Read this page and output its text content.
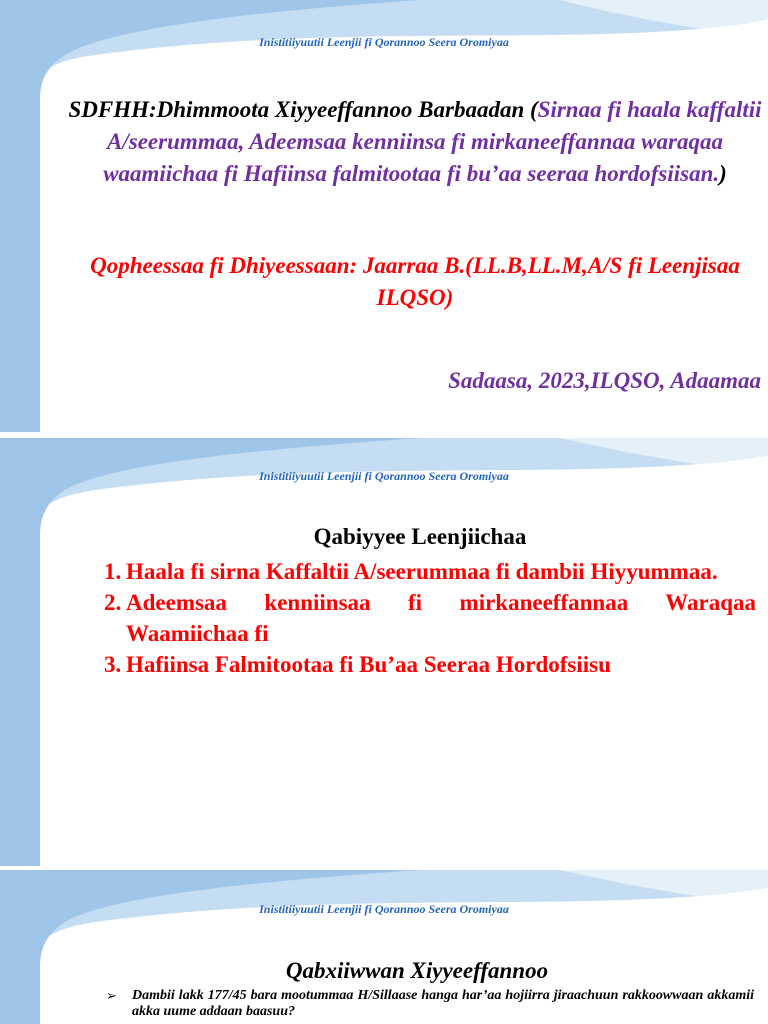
Inistitiiyuutii Leenjii fi Qorannoo Seera Oromiyaa
SDFHH:Dhimmoota Xiyyeeffannoo Barbaadan (Sirnaa fi haala kaffaltii A/seerummaa, Adeemsaa kenniinsa fi mirkaneeffannaa waraqaa waamiichaa fi Hafiinsa falmitootaa fi bu’aa seeraa hordofsiisan.)
Qopheessaa fi Dhiyeessaan: Jaarraa B.(LL.B,LL.M,A/S fi Leenjisaa ILQSO)
Sadaasa, 2023,ILQSO, Adaamaa
Inistitiiyuutii Leenjii fi Qorannoo Seera Oromiyaa
Qabiyyee Leenjiichaa
1. Haala fi sirna Kaffaltii A/seerummaa fi dambii Hiyyummaa.
2. Adeemsaa kenniinsaa fi mirkaneeffannaa Waraqaa Waamiichaa fi
3. Hafiinsa Falmitootaa fi Bu’aa Seeraa Hordofsiisu
Inistitiiyuutii Leenjii fi Qorannoo Seera Oromiyaa
Qabxiiwwan Xiyyeeffannoo
➢ Dambii lakk 177/45 bara mootummaa H/Sillaase hanga har’aa hojiirra jiraachuun rakkoowwaan akkamii akka uume addaan baasuu?
